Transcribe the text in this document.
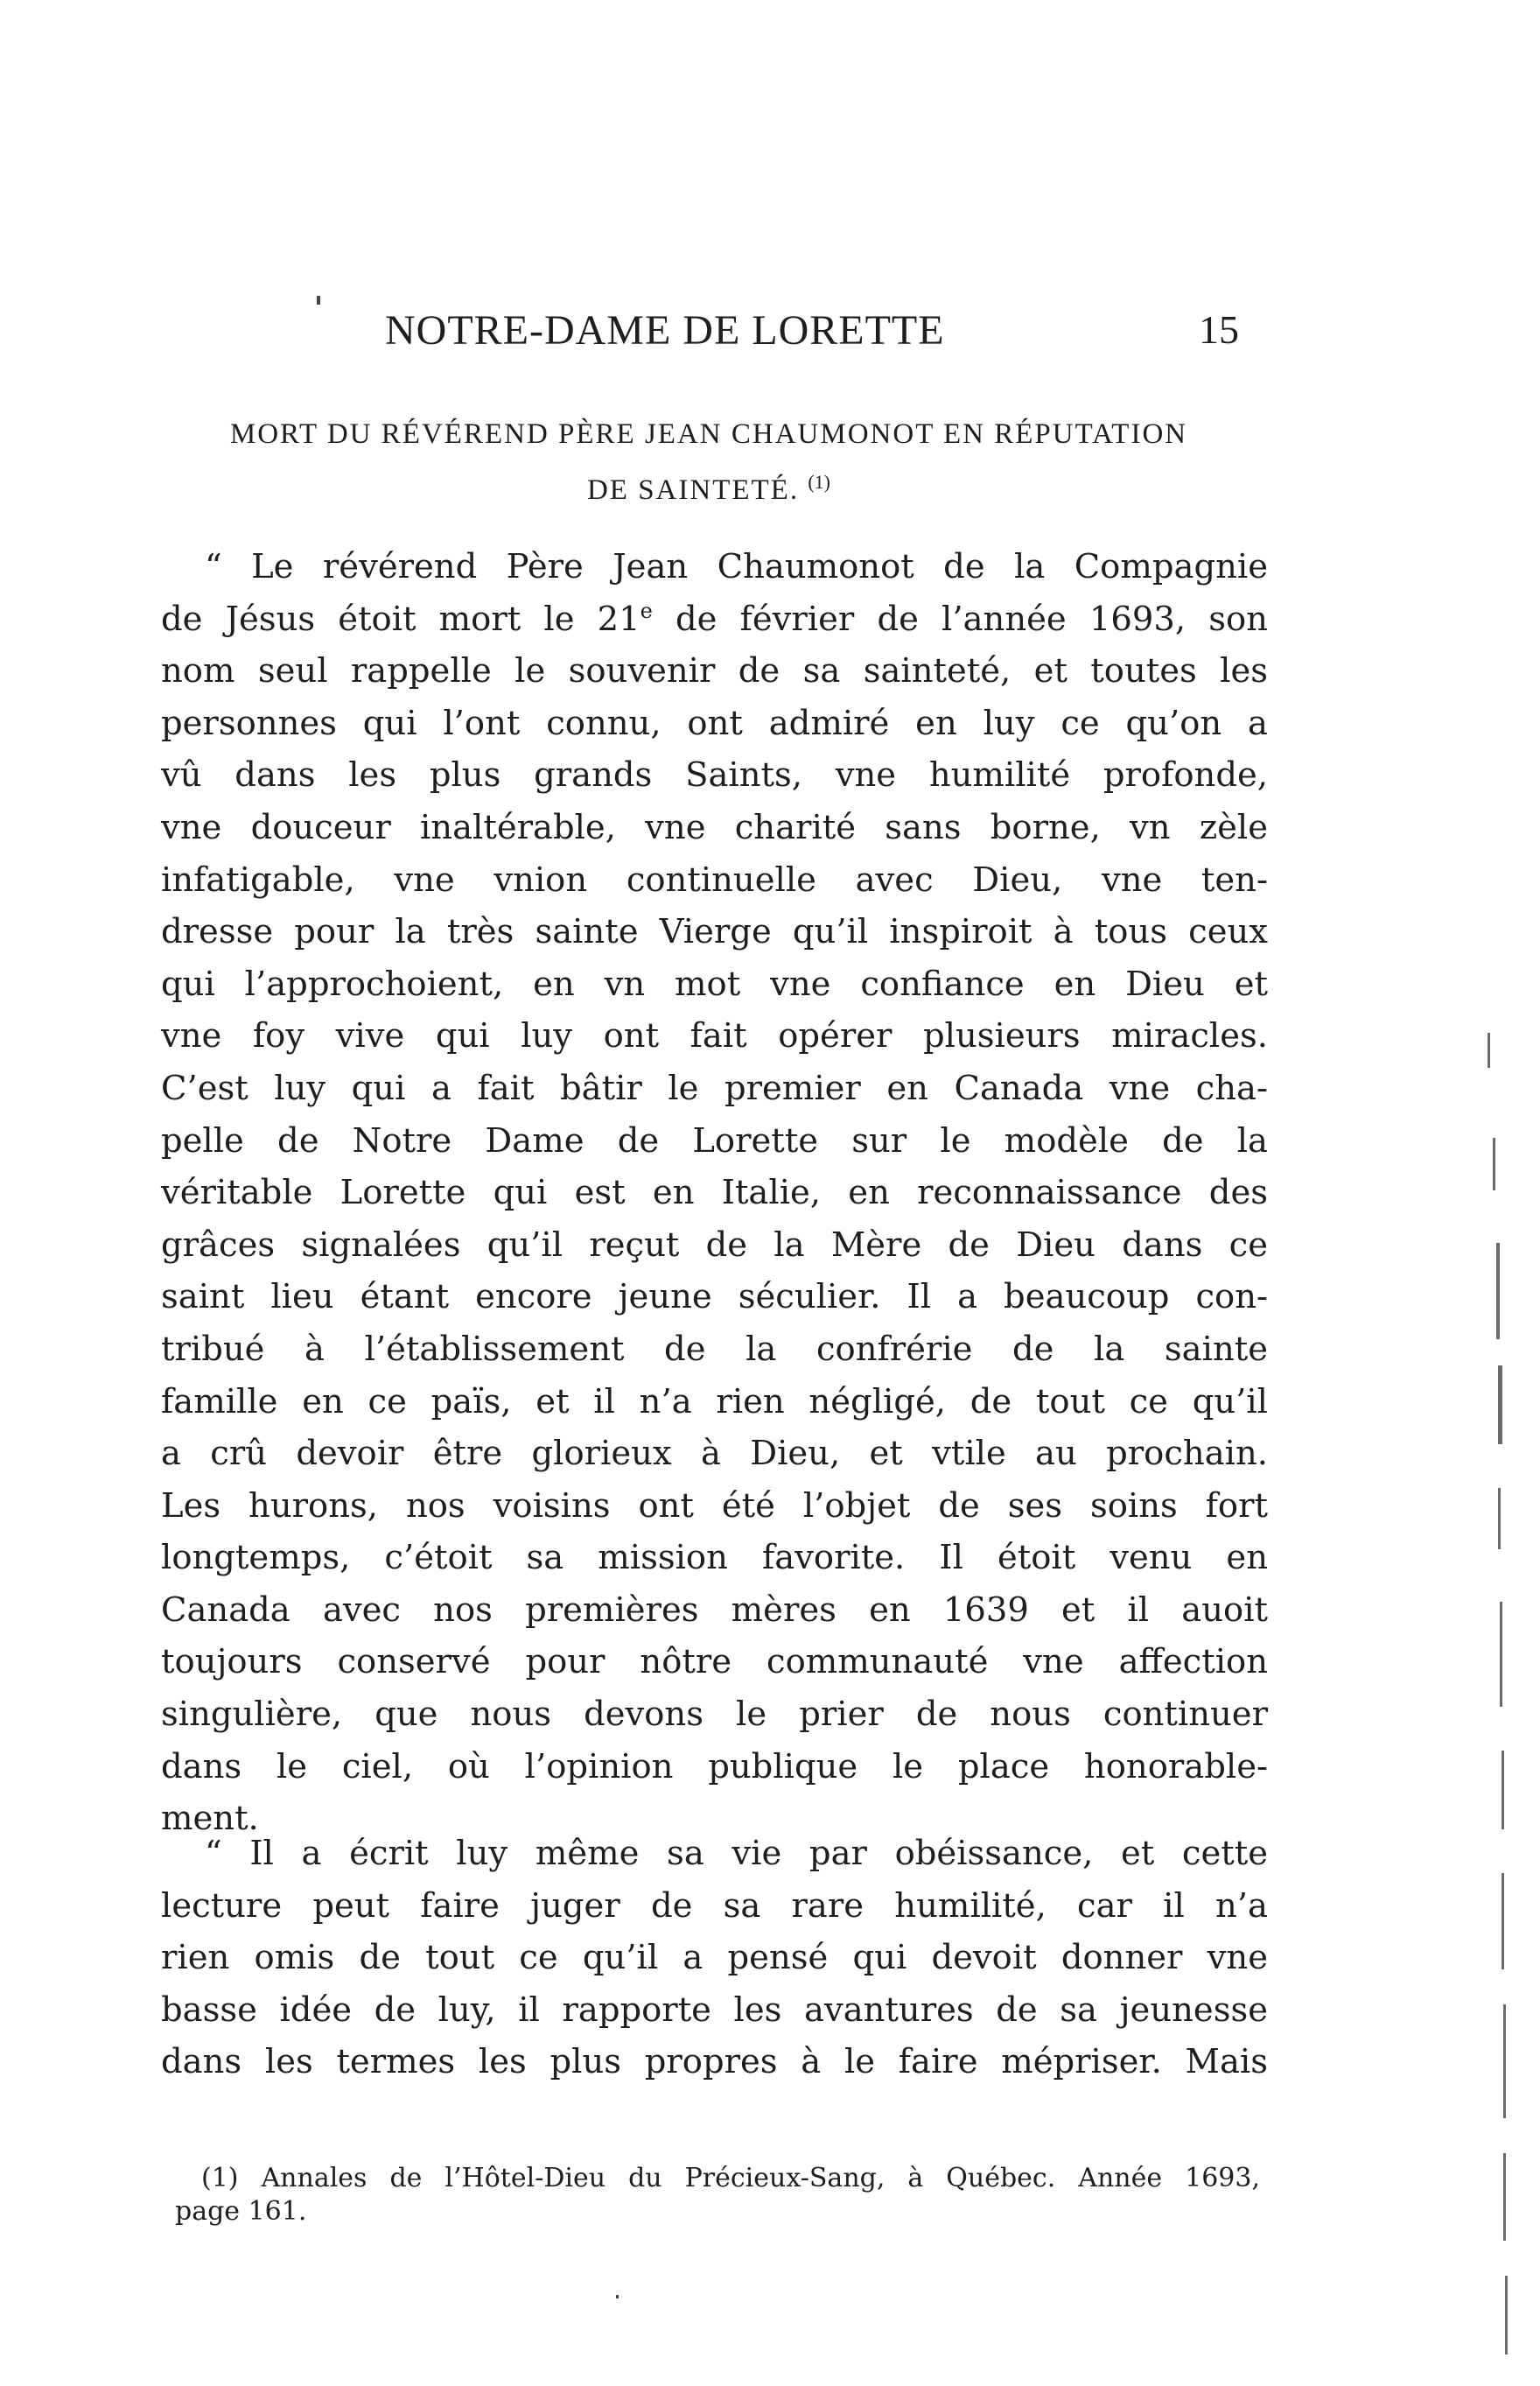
NOTRE-DAME DE LORETTE	15
MORT DU RÉVÉREND PÈRE JEAN CHAUMONOT EN RÉPUTATION
DE SAINTETÉ. $^{(1)}$
“ Le révérend Père Jean Chaumonot de la Compagnie
de Jésus étoit mort le 21e de février de l’année 1693, son
nom seul rappelle le souvenir de sa sainteté, et toutes les
personnes qui l’ont connu, ont admiré en luy ce qu’on a
vû dans les plus grands Saints, vne humilité profonde,
vne douceur inaltérable, vne charité sans borne, vn zèle
infatigable, vne vnion continuelle avec Dieu, vne ten-
dresse pour la très sainte Vierge qu’il inspiroit à tous ceux
qui l’approchoient, en vn mot vne confiance en Dieu et
vne foy vive qui luy ont fait opérer plusieurs miracles.
C’est luy qui a fait bâtir le premier en Canada vne cha-
pelle de Notre Dame de Lorette sur le modèle de la
véritable Lorette qui est en Italie, en reconnaissance des
grâces signalées qu’il reçut de la Mère de Dieu dans ce
saint lieu étant encore jeune séculier. Il a beaucoup con-
tribué à l’établissement de la confrérie de la sainte
famille en ce païs, et il n’a rien négligé, de tout ce qu’il
a crû devoir être glorieux à Dieu, et vtile au prochain.
Les hurons, nos voisins ont été l’objet de ses soins fort
longtemps, c’étoit sa mission favorite. Il étoit venu en
Canada avec nos premières mères en 1639 et il auoit
toujours conservé pour nôtre communauté vne affection
singulière, que nous devons le prier de nous continuer
dans le ciel, où l’opinion publique le place honorable-
ment.
“ Il a écrit luy même sa vie par obéissance, et cette
lecture peut faire juger de sa rare humilité, car il n’a
rien omis de tout ce qu’il a pensé qui devoit donner vne
basse idée de luy, il rapporte les avantures de sa jeunesse
dans les termes les plus propres à le faire mépriser. Mais
(1) Annales de l’Hôtel-Dieu du Précieux-Sang, à Québec. Année 1693,
page 161.
